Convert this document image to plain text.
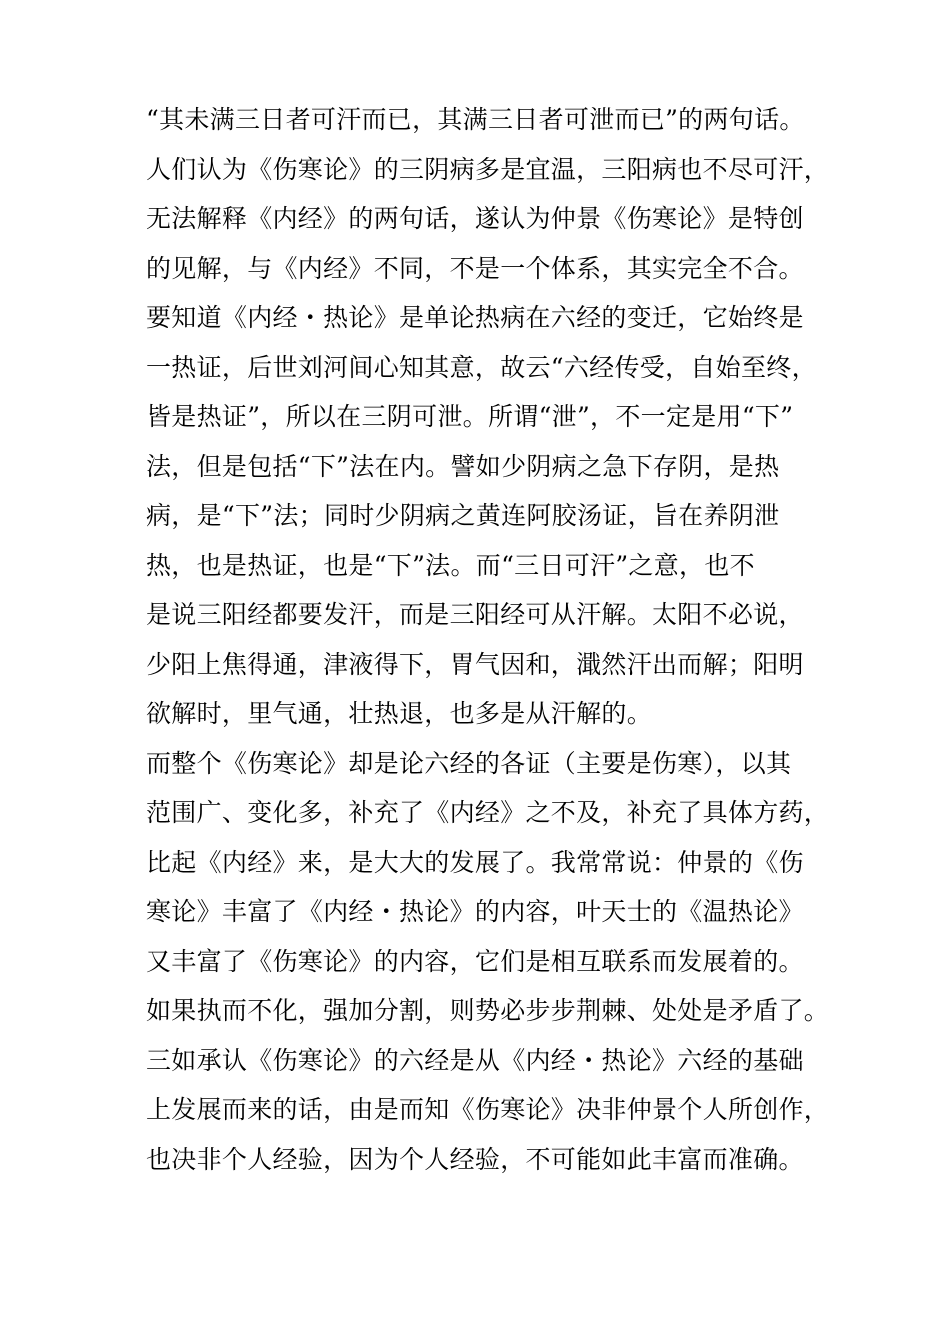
“其未满三日者可汗而已，其满三日者可泄而已”的两句话。
人们认为《伤寒论》的三阴病多是宜温，三阳病也不尽可汗，
无法解释《内经》的两句话，遂认为仲景《伤寒论》是特创
的见解，与《内经》不同，不是一个体系，其实完全不合。
要知道《内经・热论》是单论热病在六经的变迁，它始终是
一热证，后世刘河间心知其意，故云“六经传受，自始至终，
皆是热证”，所以在三阴可泄。所谓“泄”，不一定是用“下”
法，但是包括“下”法在内。譬如少阴病之急下存阴，是热
病，是“下”法；同时少阴病之黄连阿胶汤证，旨在养阴泄
热，也是热证，也是“下”法。而“三日可汗”之意，也不
是说三阳经都要发汗，而是三阳经可从汗解。太阳不必说，
少阳上焦得通，津液得下，胃气因和，濈然汗出而解；阳明
欲解时，里气通，壮热退，也多是从汗解的。
而整个《伤寒论》却是论六经的各证（主要是伤寒），以其
范围广、变化多，补充了《内经》之不及，补充了具体方药，
比起《内经》来，是大大的发展了。我常常说：仲景的《伤
寒论》丰富了《内经・热论》的内容，叶天士的《温热论》
又丰富了《伤寒论》的内容，它们是相互联系而发展着的。
如果执而不化，强加分割，则势必步步荆棘、处处是矛盾了。
三如承认《伤寒论》的六经是从《内经・热论》六经的基础
上发展而来的话，由是而知《伤寒论》决非仲景个人所创作，
也决非个人经验，因为个人经验，不可能如此丰富而准确。
